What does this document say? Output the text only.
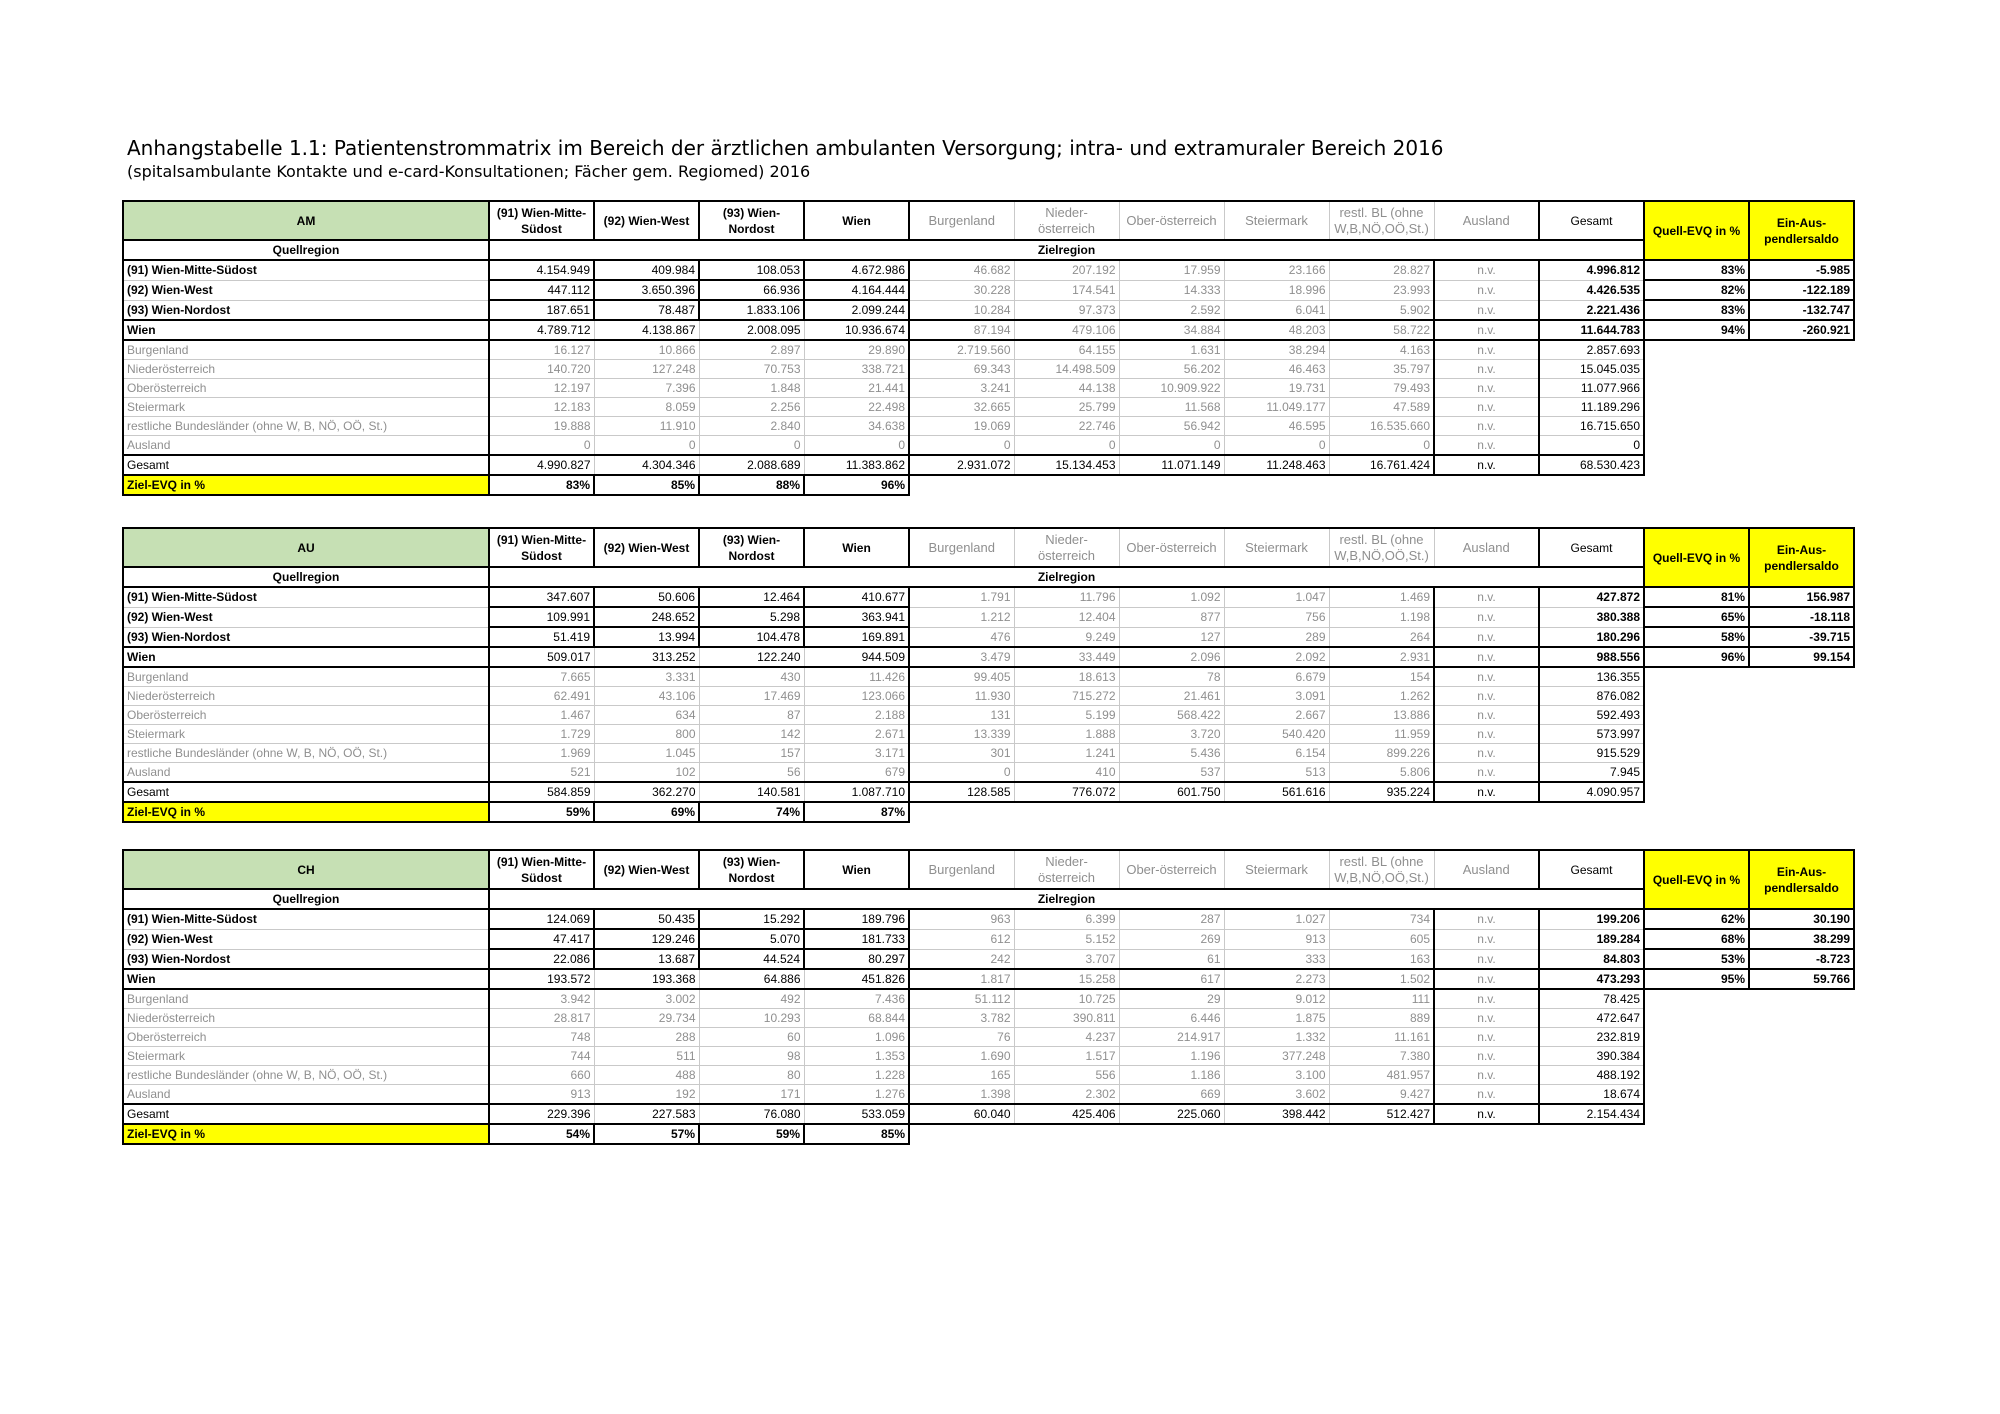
Anhangstabelle 1.1: Patientenstrommatrix im Bereich der ärztlichen ambulanten Versorgung; intra- und extramuraler Bereich 2016
(spitalsambulante Kontakte und e-card-Konsultationen; Fächer gem. Regiomed) 2016
AM	(91) Wien-Mitte-Südost	(92) Wien-West	(93) Wien-Nordost	Wien	Burgenland	Nieder-österreich	Ober-österreich	Steiermark	restl. BL (ohne W,B,NÖ,OÖ,St.)	Ausland	Gesamt	Quell-EVQ in %	Ein-Aus-pendlersaldo
Quellregion	Zielregion												
(91) Wien-Mitte-Südost	4.154.949	409.984	108.053	4.672.986	46.682	207.192	17.959	23.166	28.827	n.v.	4.996.812	83%	-5.985
(92) Wien-West	447.112	3.650.396	66.936	4.164.444	30.228	174.541	14.333	18.996	23.993	n.v.	4.426.535	82%	-122.189
(93) Wien-Nordost	187.651	78.487	1.833.106	2.099.244	10.284	97.373	2.592	6.041	5.902	n.v.	2.221.436	83%	-132.747
Wien	4.789.712	4.138.867	2.008.095	10.936.674	87.194	479.106	34.884	48.203	58.722	n.v.	11.644.783	94%	-260.921
Burgenland	16.127	10.866	2.897	29.890	2.719.560	64.155	1.631	38.294	4.163	n.v.	2.857.693		
Niederösterreich	140.720	127.248	70.753	338.721	69.343	14.498.509	56.202	46.463	35.797	n.v.	15.045.035		
Oberösterreich	12.197	7.396	1.848	21.441	3.241	44.138	10.909.922	19.731	79.493	n.v.	11.077.966		
Steiermark	12.183	8.059	2.256	22.498	32.665	25.799	11.568	11.049.177	47.589	n.v.	11.189.296		
restliche Bundesländer (ohne W, B, NÖ, OÖ, St.)	19.888	11.910	2.840	34.638	19.069	22.746	56.942	46.595	16.535.660	n.v.	16.715.650		
Ausland	0	0	0	0	0	0	0	0	0	n.v.	0		
Gesamt	4.990.827	4.304.346	2.088.689	11.383.862	2.931.072	15.134.453	11.071.149	11.248.463	16.761.424	n.v.	68.530.423		
Ziel-EVQ in %	83%	85%	88%	96%									
AU	(91) Wien-Mitte-Südost	(92) Wien-West	(93) Wien-Nordost	Wien	Burgenland	Nieder-österreich	Ober-österreich	Steiermark	restl. BL (ohne W,B,NÖ,OÖ,St.)	Ausland	Gesamt	Quell-EVQ in %	Ein-Aus-pendlersaldo
Quellregion	Zielregion												
(91) Wien-Mitte-Südost	347.607	50.606	12.464	410.677	1.791	11.796	1.092	1.047	1.469	n.v.	427.872	81%	156.987
(92) Wien-West	109.991	248.652	5.298	363.941	1.212	12.404	877	756	1.198	n.v.	380.388	65%	-18.118
(93) Wien-Nordost	51.419	13.994	104.478	169.891	476	9.249	127	289	264	n.v.	180.296	58%	-39.715
Wien	509.017	313.252	122.240	944.509	3.479	33.449	2.096	2.092	2.931	n.v.	988.556	96%	99.154
Burgenland	7.665	3.331	430	11.426	99.405	18.613	78	6.679	154	n.v.	136.355		
Niederösterreich	62.491	43.106	17.469	123.066	11.930	715.272	21.461	3.091	1.262	n.v.	876.082		
Oberösterreich	1.467	634	87	2.188	131	5.199	568.422	2.667	13.886	n.v.	592.493		
Steiermark	1.729	800	142	2.671	13.339	1.888	3.720	540.420	11.959	n.v.	573.997		
restliche Bundesländer (ohne W, B, NÖ, OÖ, St.)	1.969	1.045	157	3.171	301	1.241	5.436	6.154	899.226	n.v.	915.529		
Ausland	521	102	56	679	0	410	537	513	5.806	n.v.	7.945		
Gesamt	584.859	362.270	140.581	1.087.710	128.585	776.072	601.750	561.616	935.224	n.v.	4.090.957		
Ziel-EVQ in %	59%	69%	74%	87%									
CH	(91) Wien-Mitte-Südost	(92) Wien-West	(93) Wien-Nordost	Wien	Burgenland	Nieder-österreich	Ober-österreich	Steiermark	restl. BL (ohne W,B,NÖ,OÖ,St.)	Ausland	Gesamt	Quell-EVQ in %	Ein-Aus-pendlersaldo
Quellregion	Zielregion												
(91) Wien-Mitte-Südost	124.069	50.435	15.292	189.796	963	6.399	287	1.027	734	n.v.	199.206	62%	30.190
(92) Wien-West	47.417	129.246	5.070	181.733	612	5.152	269	913	605	n.v.	189.284	68%	38.299
(93) Wien-Nordost	22.086	13.687	44.524	80.297	242	3.707	61	333	163	n.v.	84.803	53%	-8.723
Wien	193.572	193.368	64.886	451.826	1.817	15.258	617	2.273	1.502	n.v.	473.293	95%	59.766
Burgenland	3.942	3.002	492	7.436	51.112	10.725	29	9.012	111	n.v.	78.425		
Niederösterreich	28.817	29.734	10.293	68.844	3.782	390.811	6.446	1.875	889	n.v.	472.647		
Oberösterreich	748	288	60	1.096	76	4.237	214.917	1.332	11.161	n.v.	232.819		
Steiermark	744	511	98	1.353	1.690	1.517	1.196	377.248	7.380	n.v.	390.384		
restliche Bundesländer (ohne W, B, NÖ, OÖ, St.)	660	488	80	1.228	165	556	1.186	3.100	481.957	n.v.	488.192		
Ausland	913	192	171	1.276	1.398	2.302	669	3.602	9.427	n.v.	18.674		
Gesamt	229.396	227.583	76.080	533.059	60.040	425.406	225.060	398.442	512.427	n.v.	2.154.434		
Ziel-EVQ in %	54%	57%	59%	85%									
